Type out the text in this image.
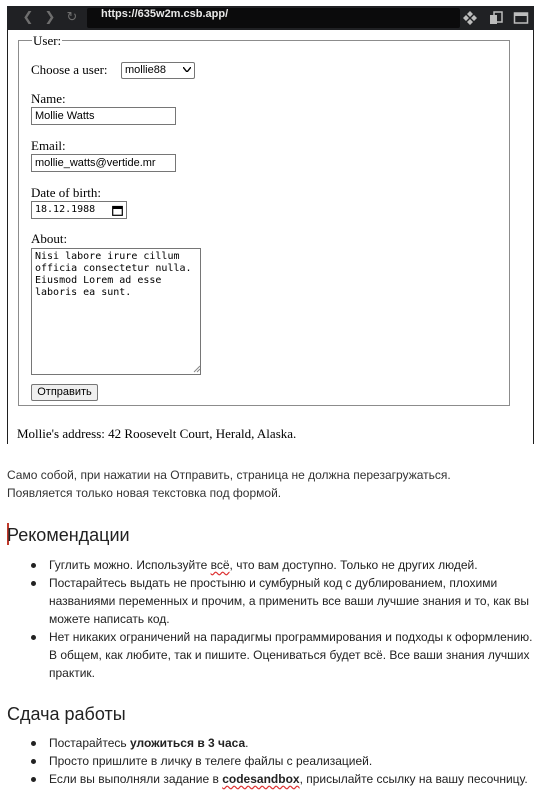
❮ ❯ ↻	https://635w2m.csb.app/
User:
Choose a user:	mollie88
Name:
Mollie Watts
Email:
mollie_watts@vertide.mr
Date of birth:
18.12.1988
About:
Nisi labore irure cillum
officia consectetur nulla.
Eiusmod Lorem ad esse
laboris ea sunt.
Отправить
Mollie's address: 42 Roosevelt Court, Herald, Alaska.

Само собой, при нажатии на Отправить, страница не должна перезагружаться.

Появляется только новая текстовка под формой.

Рекомендации
Гуглить можно. Используйте всё, что вам доступно. Только не других людей.
Постарайтесь выдать не простыню и сумбурный код с дублированием, плохими названиями переменных и прочим, а применить все ваши лучшие знания и то, как вы можете написать код.
Нет никаких ограничений на парадигмы программирования и подходы к оформлению. В общем, как любите, так и пишите. Оцениваться будет всё. Все ваши знания лучших практик.
Сдача работы
Постарайтесь уложиться в 3 часа.
Просто пришлите в личку в телеге файлы с реализацией.
Если вы выполняли задание в codesandbox, присылайте ссылку на вашу песочницу.
